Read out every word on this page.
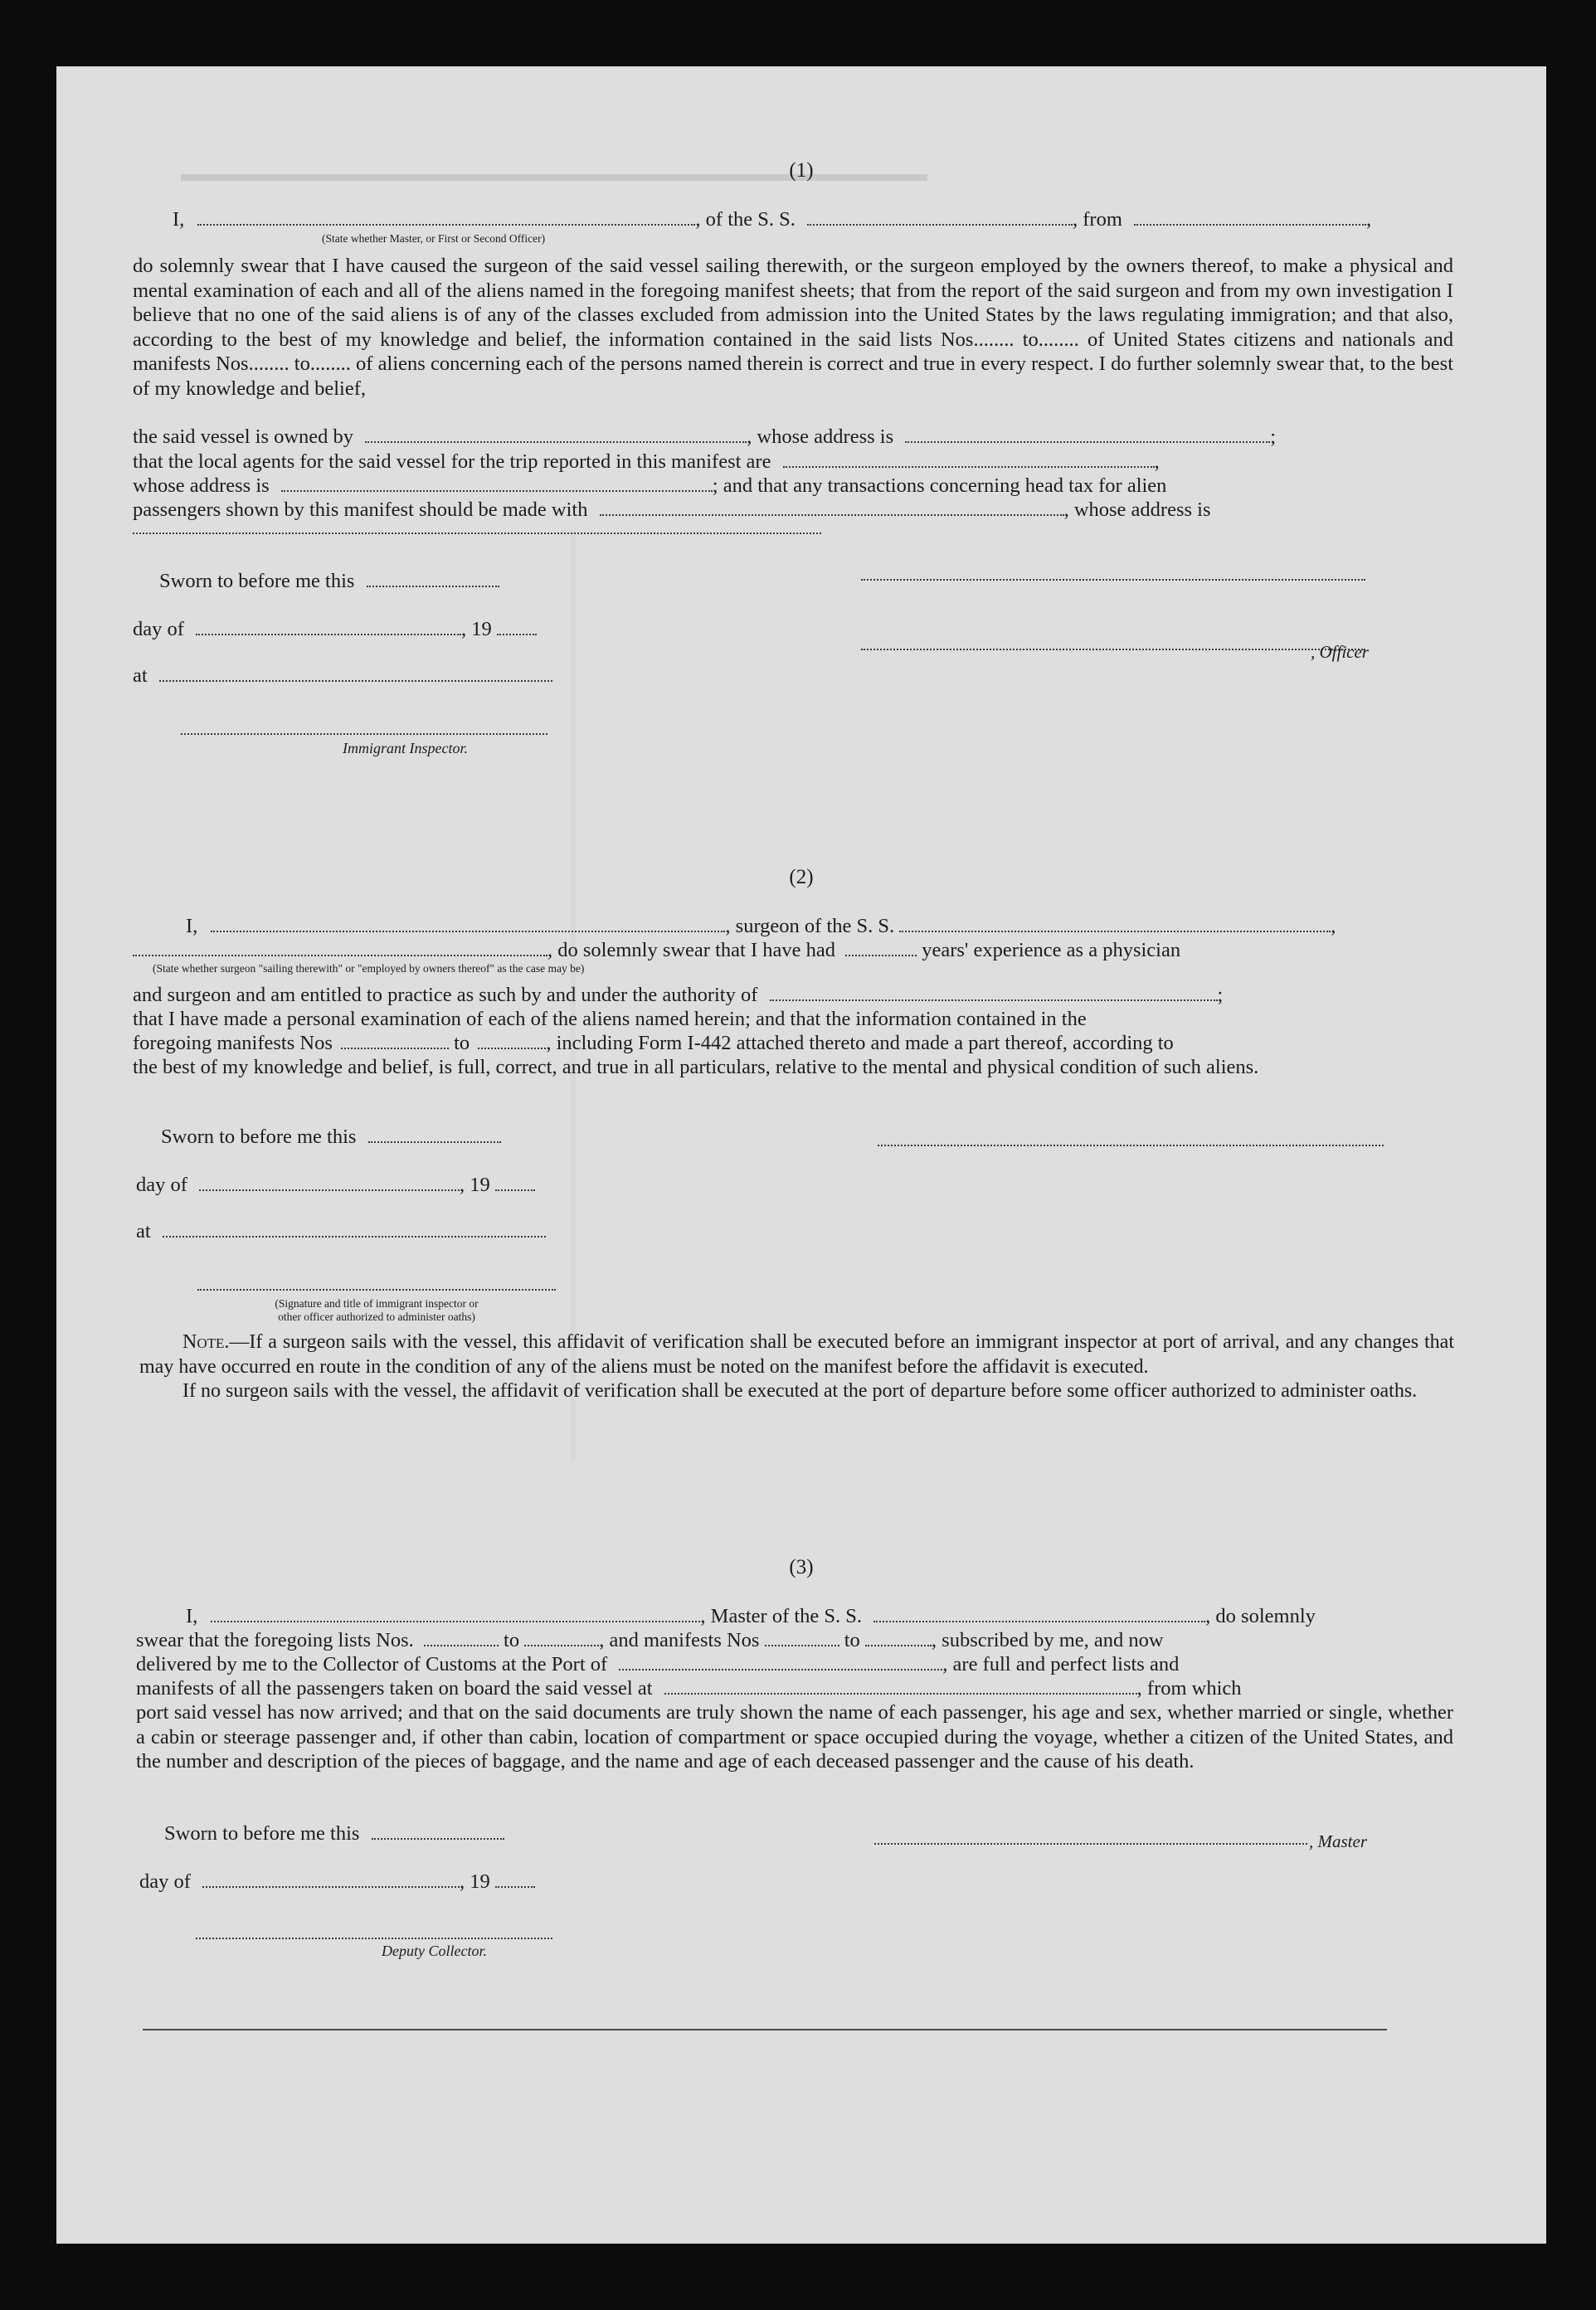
(1)
I,	, of the S. S.	, from	,
(State whether Master, or First or Second Officer)
do solemnly swear that I have caused the surgeon of the said vessel sailing therewith, or the surgeon employed by the owners thereof, to make a physical and mental examination of each and all of the aliens named in the foregoing manifest sheets; that from the report of the said surgeon and from my own investigation I believe that no one of the said aliens is of any of the classes excluded from admission into the United States by the laws regulating immigration; and that also, according to the best of my knowledge and belief, the information contained in the said lists Nos........ to........ of United States citizens and nationals and manifests Nos........ to........ of aliens concerning each of the persons named therein is correct and true in every respect. I do further solemnly swear that, to the best of my knowledge and belief,
the said vessel is owned by	, whose address is	;
that the local agents for the said vessel for the trip reported in this manifest are	,
whose address is	; and that any transactions concerning head tax for alien
passengers shown by this manifest should be made with	, whose address is
Sworn to before me this
day of	, 19
at
Immigrant Inspector.
, Officer
(2)
I,	, surgeon of the S. S.	,
, do solemnly swear that I have had	years' experience as a physician
(State whether surgeon "sailing therewith" or "employed by owners thereof" as the case may be)
and surgeon and am entitled to practice as such by and under the authority of	;
that I have made a personal examination of each of the aliens named herein; and that the information contained in the
foregoing manifests Nos	to	, including Form I-442 attached thereto and made a part thereof, according to
the best of my knowledge and belief, is full, correct, and true in all particulars, relative to the mental and physical condition of such aliens.
Sworn to before me this
day of	, 19
at
(Signature and title of immigrant inspector or
other officer authorized to administer oaths)

Note.—If a surgeon sails with the vessel, this affidavit of verification shall be executed before an immigrant inspector at port of arrival, and any changes that may have occurred en route in the condition of any of the aliens must be noted on the manifest before the affidavit is executed.

If no surgeon sails with the vessel, the affidavit of verification shall be executed at the port of departure before some officer authorized to administer oaths.

(3)
I,	, Master of the S. S.	, do solemnly
swear that the foregoing lists Nos.	to	, and manifests Nos	to	, subscribed by me, and now
delivered by me to the Collector of Customs at the Port of	, are full and perfect lists and
manifests of all the passengers taken on board the said vessel at	, from which
port said vessel has now arrived; and that on the said documents are truly shown the name of each passenger, his age and sex, whether married or single, whether a cabin or steerage passenger and, if other than cabin, location of compartment or space occupied during the voyage, whether a citizen of the United States, and the number and description of the pieces of baggage, and the name and age of each deceased passenger and the cause of his death.
Sworn to before me this
day of	, 19
Deputy Collector.
, Master
